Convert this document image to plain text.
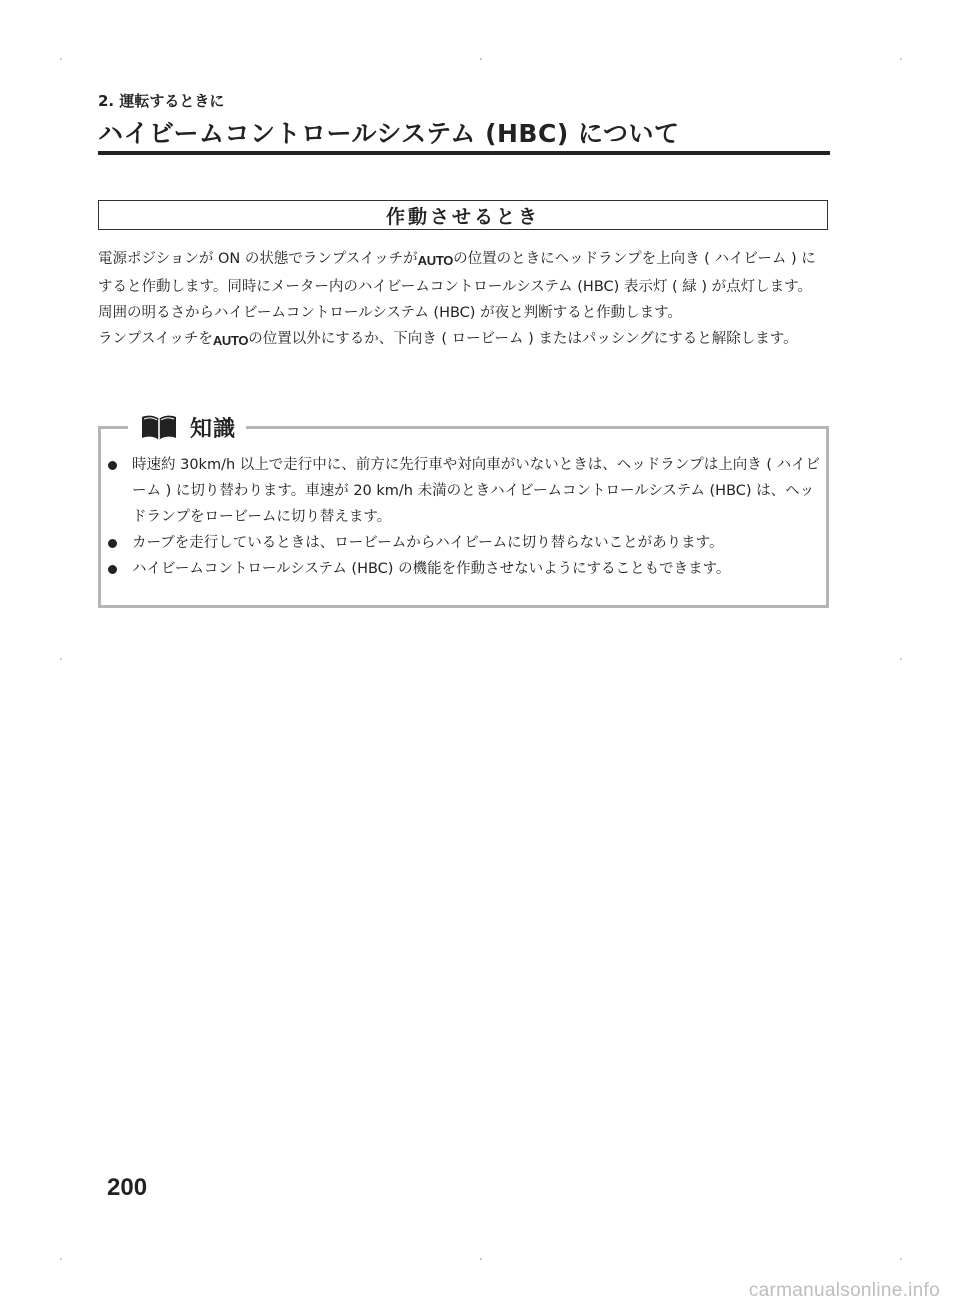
2. 運転するときに
ハイビームコントロールシステム (HBC) について
作動させるとき

電源ポジションが ON の状態でランプスイッチがAUTOの位置のときにヘッドランプを上向き ( ハイビーム ) にすると作動します。同時にメーター内のハイビームコントロールシステム (HBC) 表示灯 ( 緑 ) が点灯します。

周囲の明るさからハイビームコントロールシステム (HBC) が夜と判断すると作動します。

ランプスイッチをAUTOの位置以外にするか、下向き ( ロービーム ) またはパッシングにすると解除します。

知識
時速約 30km/h 以上で走行中に、前方に先行車や対向車がいないときは、ヘッドランプは上向き ( ハイビーム ) に切り替わります。車速が 20 km/h 未満のときハイビームコントロールシステム (HBC) は、ヘッドランプをロービームに切り替えます。
カーブを走行しているときは、ロービームからハイビームに切り替らないことがあります。
ハイビームコントロールシステム (HBC) の機能を作動させないようにすることもできます。
200
carmanualsonline.info
